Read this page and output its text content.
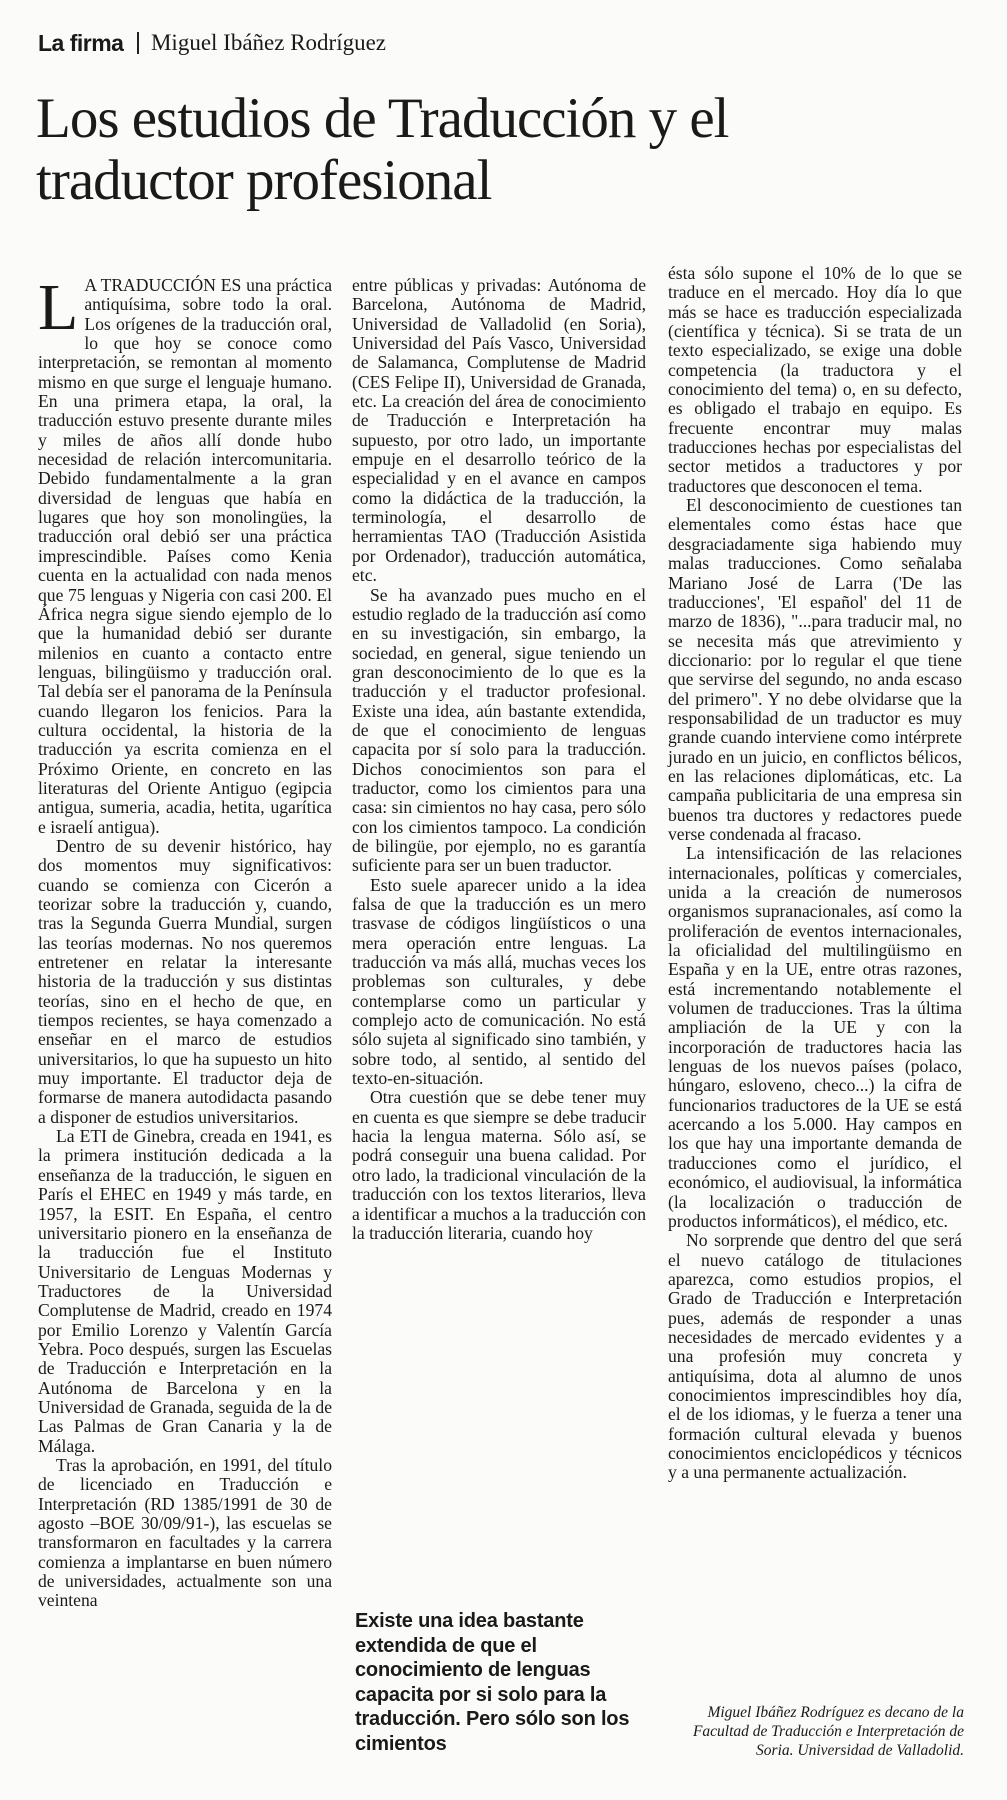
La firma Miguel Ibáñez Rodríguez
Los estudios de Traducción y el traductor profesional

L A TRADUCCIÓN ES una práctica antiquísima, sobre todo la oral. Los orígenes de la traducción oral, lo que hoy se conoce como interpretación, se remontan al momento mismo en que surge el lenguaje humano. En una primera etapa, la oral, la traducción estuvo presente durante miles y miles de años allí donde hubo necesidad de relación intercomunitaria. Debido fundamentalmente a la gran diversidad de lenguas que había en lugares que hoy son monolingües, la traducción oral debió ser una práctica imprescindible. Países como Kenia cuenta en la actualidad con nada menos que 75 lenguas y Nigeria con casi 200. El África negra sigue siendo ejemplo de lo que la humanidad debió ser durante milenios en cuanto a contacto entre lenguas, bilingüismo y traducción oral. Tal debía ser el panorama de la Península cuando llegaron los fenicios. Para la cultura occidental, la historia de la traducción ya escrita comienza en el Próximo Oriente, en concreto en las literaturas del Oriente Antiguo (egipcia antigua, sumeria, acadia, hetita, ugarítica e israelí antigua).

Dentro de su devenir histórico, hay dos momentos muy significativos: cuando se comienza con Cicerón a teorizar sobre la traducción y, cuando, tras la Segunda Guerra Mundial, surgen las teorías modernas. No nos queremos entretener en relatar la interesante historia de la traducción y sus distintas teorías, sino en el hecho de que, en tiempos recientes, se haya comenzado a enseñar en el marco de estudios universitarios, lo que ha supuesto un hito muy importante. El traductor deja de formarse de manera autodidacta pasando a disponer de estudios universitarios.

La ETI de Ginebra, creada en 1941, es la primera institución dedicada a la enseñanza de la traducción, le siguen en París el EHEC en 1949 y más tarde, en 1957, la ESIT. En España, el centro universitario pionero en la enseñanza de la traducción fue el Instituto Universitario de Lenguas Modernas y Traductores de la Universidad Complutense de Madrid, creado en 1974 por Emilio Lorenzo y Valentín García Yebra. Poco después, surgen las Escuelas de Traducción e Interpretación en la Autónoma de Barcelona y en la Universidad de Granada, seguida de la de Las Palmas de Gran Canaria y la de Málaga.

Tras la aprobación, en 1991, del título de licenciado en Traducción e Interpretación (RD 1385/1991 de 30 de agosto –BOE 30/09/91-), las escuelas se transformaron en facultades y la carrera comienza a implantarse en buen número de universidades, actualmente son una veintena

entre públicas y privadas: Autónoma de Barcelona, Autónoma de Madrid, Universidad de Valladolid (en Soria), Universidad del País Vasco, Universidad de Salamanca, Complutense de Madrid (CES Felipe II), Universidad de Granada, etc. La creación del área de conocimiento de Traducción e Interpretación ha supuesto, por otro lado, un importante empuje en el desarrollo teórico de la especialidad y en el avance en campos como la didáctica de la traducción, la terminología, el desarrollo de herramientas TAO (Traducción Asistida por Ordenador), traducción automática, etc.

Se ha avanzado pues mucho en el estudio reglado de la traducción así como en su investigación, sin embargo, la sociedad, en general, sigue teniendo un gran desconocimiento de lo que es la traducción y el traductor profesional. Existe una idea, aún bastante extendida, de que el conocimiento de lenguas capacita por sí solo para la traducción. Dichos conocimientos son para el traductor, como los cimientos para una casa: sin cimientos no hay casa, pero sólo con los cimientos tampoco. La condición de bilingüe, por ejemplo, no es garantía suficiente para ser un buen traductor.

Esto suele aparecer unido a la idea falsa de que la traducción es un mero trasvase de códigos lingüísticos o una mera operación entre lenguas. La traducción va más allá, muchas veces los problemas son culturales, y debe contemplarse como un particular y complejo acto de comunicación. No está sólo sujeta al significado sino también, y sobre todo, al sentido, al sentido del texto-en-situación.

Otra cuestión que se debe tener muy en cuenta es que siempre se debe traducir hacia la lengua materna. Sólo así, se podrá conseguir una buena calidad. Por otro lado, la tradicional vinculación de la traducción con los textos literarios, lleva a identificar a muchos a la traducción con la traducción literaria, cuando hoy

ésta sólo supone el 10% de lo que se traduce en el mercado. Hoy día lo que más se hace es traducción especializada (científica y técnica). Si se trata de un texto especializado, se exige una doble competencia (la traductora y el conocimiento del tema) o, en su defecto, es obligado el trabajo en equipo. Es frecuente encontrar muy malas traducciones hechas por especialistas del sector metidos a traductores y por traductores que desconocen el tema.

El desconocimiento de cuestiones tan elementales como éstas hace que desgraciadamente siga habiendo muy malas traducciones. Como señalaba Mariano José de Larra ('De las traducciones', 'El español' del 11 de marzo de 1836), "...para traducir mal, no se necesita más que atrevimiento y diccionario: por lo regular el que tiene que servirse del segundo, no anda escaso del primero". Y no debe olvidarse que la responsabilidad de un traductor es muy grande cuando interviene como intérprete jurado en un juicio, en conflictos bélicos, en las relaciones diplomáticas, etc. La campaña publicitaria de una empresa sin buenos tra ductores y redactores puede verse condenada al fracaso.

La intensificación de las relaciones internacionales, políticas y comerciales, unida a la creación de numerosos organismos supranacionales, así como la proliferación de eventos internacionales, la oficialidad del multilingüismo en España y en la UE, entre otras razones, está incrementando notablemente el volumen de traducciones. Tras la última ampliación de la UE y con la incorporación de traductores hacia las lenguas de los nuevos países (polaco, húngaro, esloveno, checo...) la cifra de funcionarios traductores de la UE se está acercando a los 5.000. Hay campos en los que hay una importante demanda de traducciones como el jurídico, el económico, el audiovisual, la informática (la localización o traducción de productos informáticos), el médico, etc.

No sorprende que dentro del que será el nuevo catálogo de titulaciones aparezca, como estudios propios, el Grado de Traducción e Interpretación pues, además de responder a unas necesidades de mercado evidentes y a una profesión muy concreta y antiquísima, dota al alumno de unos conocimientos imprescindibles hoy día, el de los idiomas, y le fuerza a tener una formación cultural elevada y buenos conocimientos enciclopédicos y técnicos y a una permanente actualización.

Existe una idea bastante extendida de que el conocimiento de lenguas capacita por si solo para la traducción. Pero sólo son los cimientos
Miguel Ibáñez Rodríguez es decano de la Facultad de Traducción e Interpretación de Soria. Universidad de Valladolid.
